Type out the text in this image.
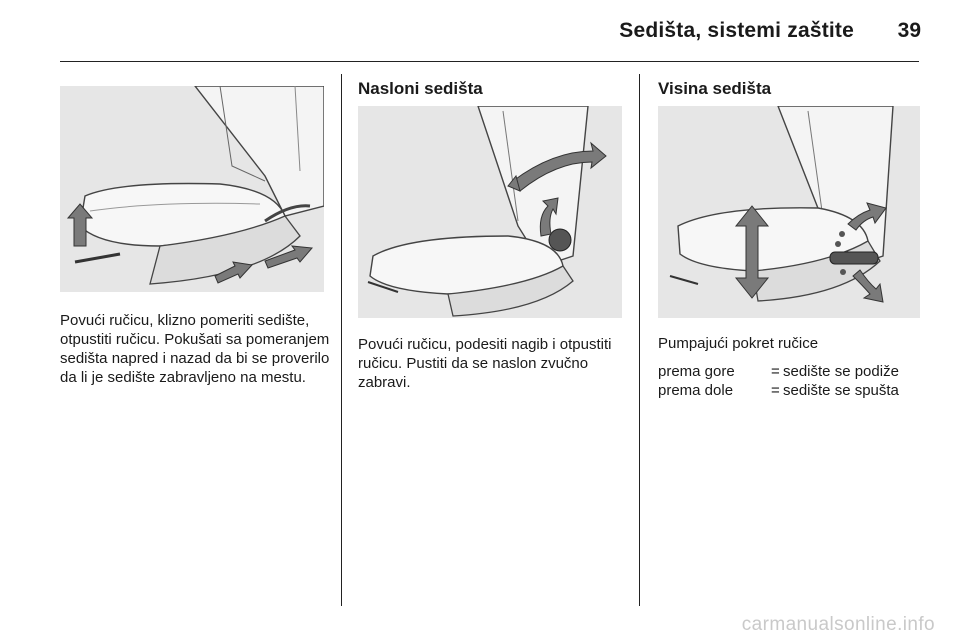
Sedišta, sistemi zaštite 39

Povući ručicu, klizno pomeriti sedište, otpustiti ručicu. Pokušati sa pomeranjem sedišta napred i nazad da bi se proverilo da li je sedište zabravljeno na mestu.

Nasloni sedišta

Povući ručicu, podesiti nagib i otpustiti ručicu. Pustiti da se naslon zvučno zabravi.

Visina sedišta

Pumpajući pokret ručice

prema gore	= sedište se podiže
prema dole	= sedište se spušta
carmanualsonline.info
